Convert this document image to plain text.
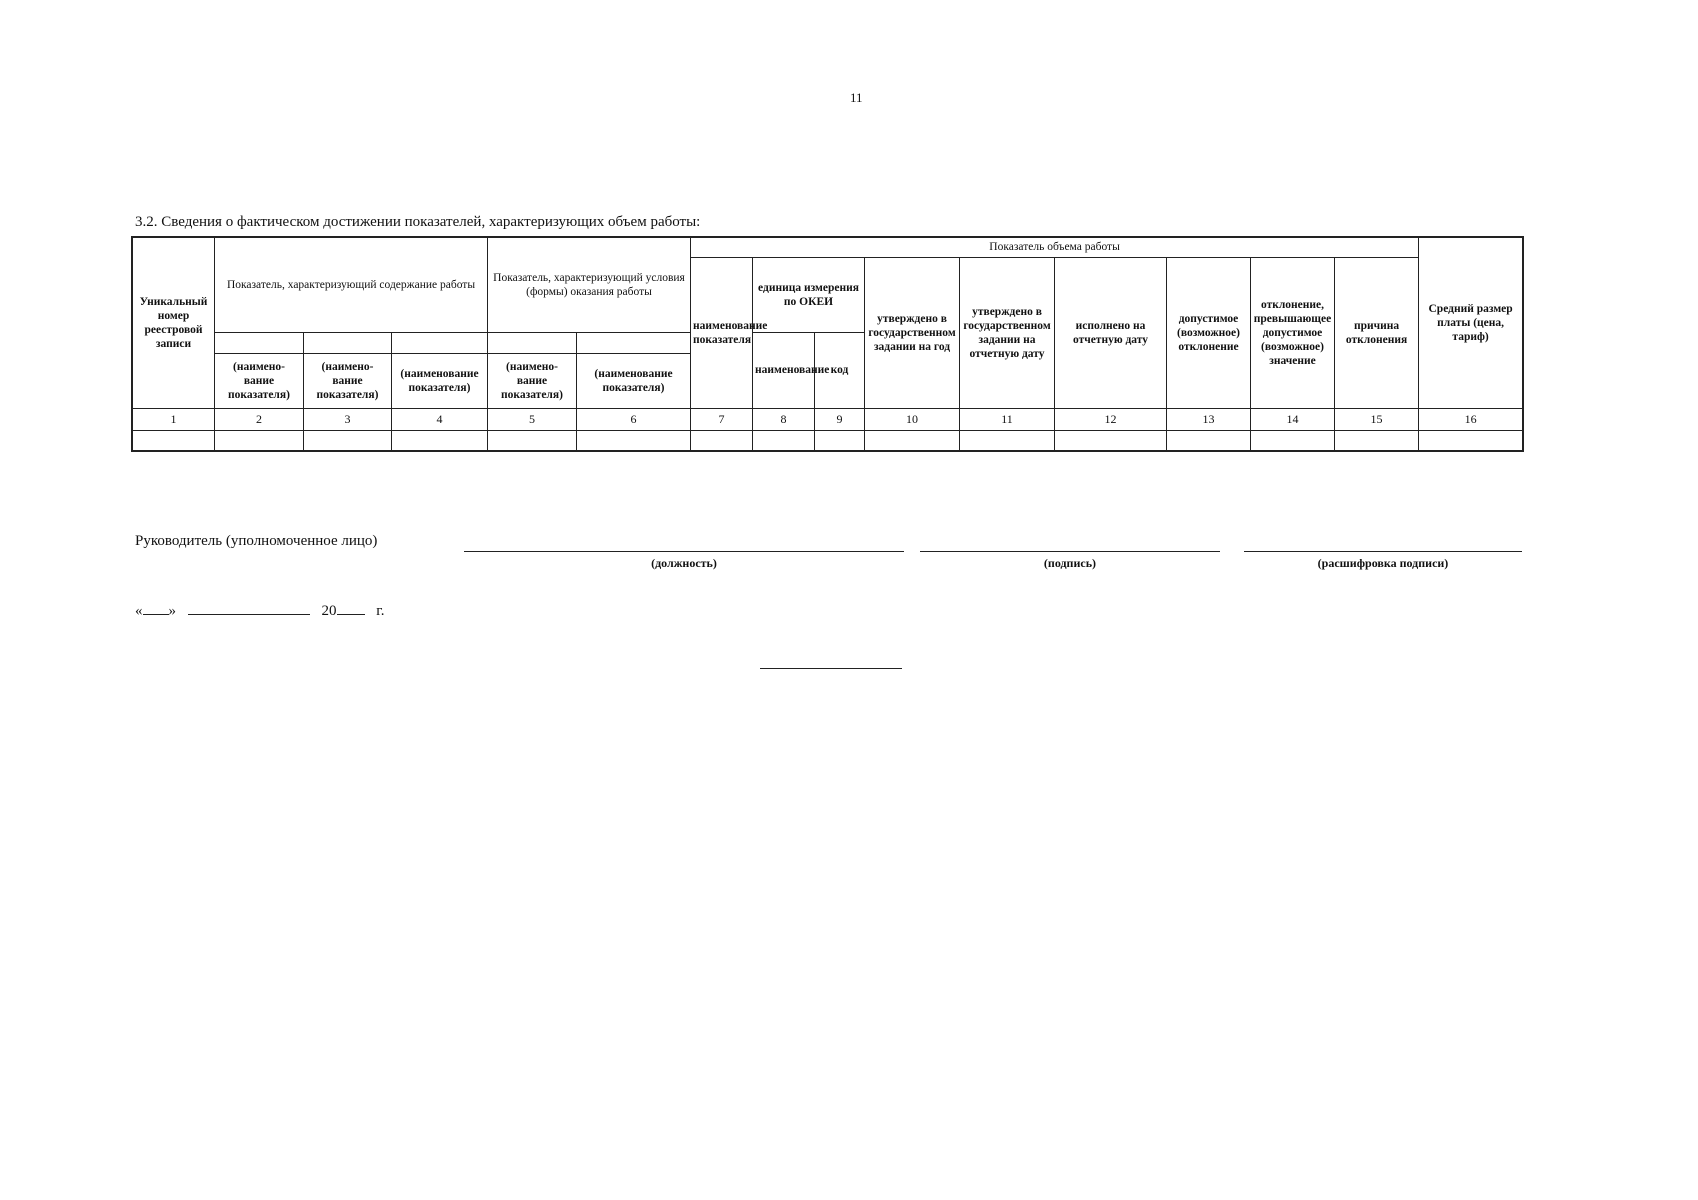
11
3.2. Сведения о фактическом достижении показателей, характеризующих объем работы:
Уникальный номер реестровой записи	Показатель, характеризующий содержание работы			Показатель, характеризующий условия (формы) оказания работы		Показатель объема работы									Средний размер платы (цена, тариф)
						наименование показателя	единица измерения по ОКЕИ		утверждено в государственном задании на год	утверждено в государственном задании на отчетную дату	исполнено на отчетную дату	допустимое (возможное) отклонение	отклонение, превышающее допустимое (возможное) значение	причина отклонения	
							наименование	код							
	(наимено- вание показателя)	(наимено- вание показателя)	(наименование показателя)	(наимено- вание показателя)	(наименование показателя)										
1	2	3	4	5	6	7	8	9	10	11	12	13	14	15	16

Руководитель (уполномоченное лицо)
(должность)	(подпись)	(расшифровка подписи)
« »	20	г.
